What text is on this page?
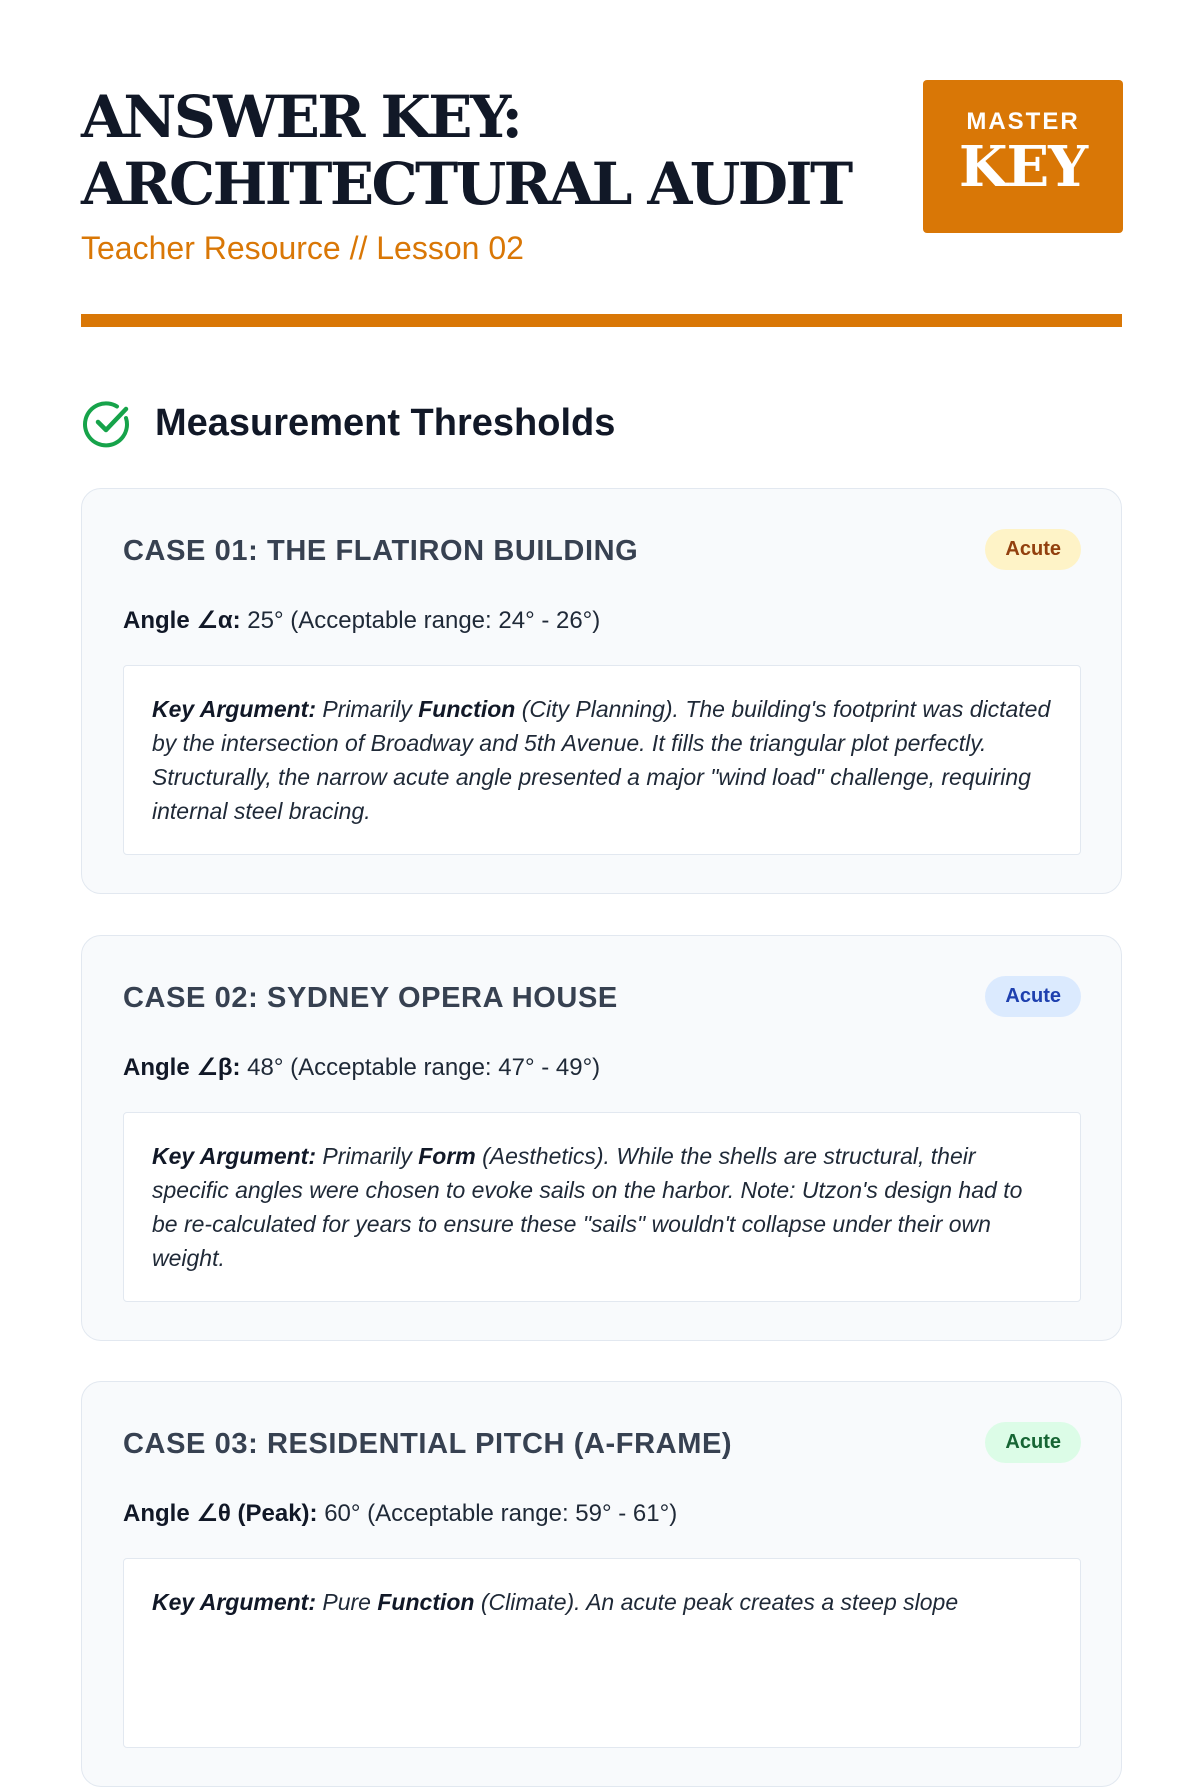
ANSWER KEY:
ARCHITECTURAL AUDIT
Teacher Resource // Lesson 02
MASTER
KEY
Measurement Thresholds
CASE 01: THE FLATIRON BUILDING	Acute
Angle ∠α: 25° (Acceptable range: 24° - 26°)
Key Argument: Primarily Function (City Planning). The building's footprint was dictated by the intersection of Broadway and 5th Avenue. It fills the triangular plot perfectly. Structurally, the narrow acute angle presented a major "wind load" challenge, requiring internal steel bracing.
CASE 02: SYDNEY OPERA HOUSE	Acute
Angle ∠β: 48° (Acceptable range: 47° - 49°)
Key Argument: Primarily Form (Aesthetics). While the shells are structural, their specific angles were chosen to evoke sails on the harbor. Note: Utzon's design had to be re-calculated for years to ensure these "sails" wouldn't collapse under their own weight.
CASE 03: RESIDENTIAL PITCH (A-FRAME)	Acute
Angle ∠θ (Peak): 60° (Acceptable range: 59° - 61°)
Key Argument: Pure Function (Climate). An acute peak creates a steep slope
